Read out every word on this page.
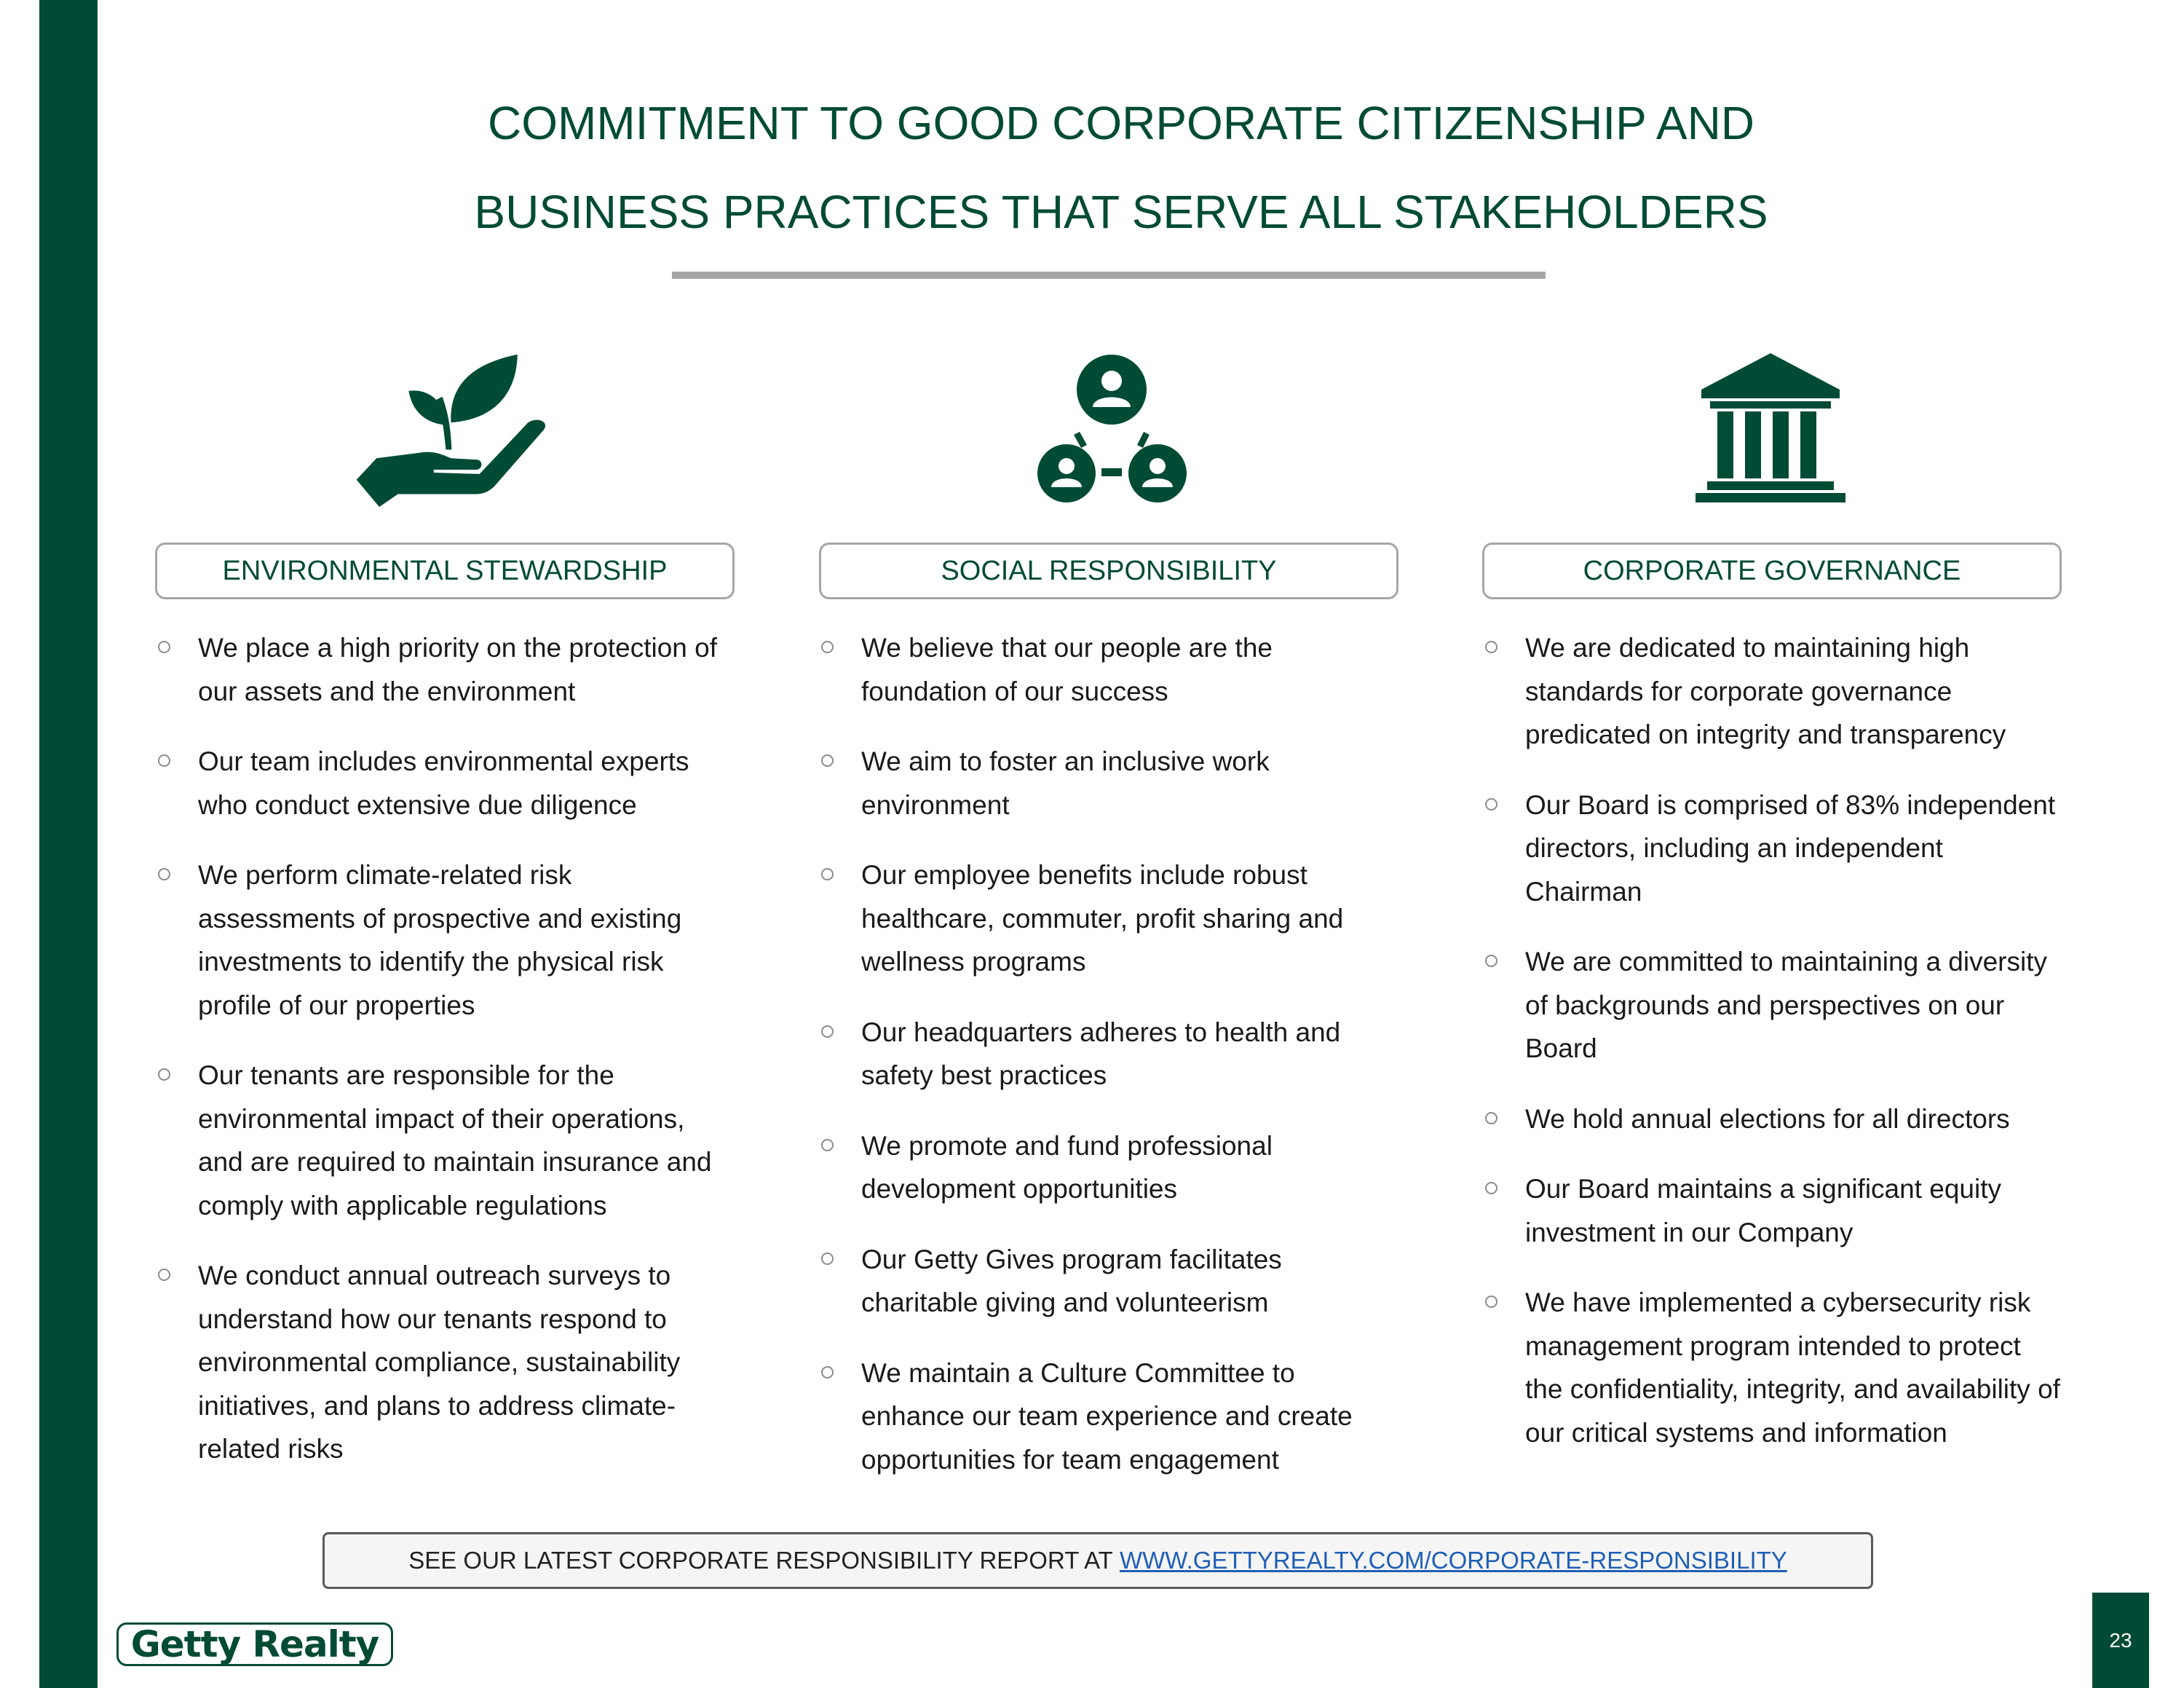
COMMITMENT TO GOOD CORPORATE CITIZENSHIP AND
BUSINESS PRACTICES THAT SERVE ALL STAKEHOLDERS
ENVIRONMENTAL STEWARDSHIP	SOCIAL RESPONSIBILITY	CORPORATE GOVERNANCE
We place a high priority on the protection of our assets and the environment
Our team includes environmental experts who conduct extensive due diligence
We perform climate-related risk assessments of prospective and existing investments to identify the physical risk profile of our properties
Our tenants are responsible for the environmental impact of their operations, and are required to maintain insurance and comply with applicable regulations
We conduct annual outreach surveys to understand how our tenants respond to environmental compliance, sustainability initiatives, and plans to address climate-related risks
We believe that our people are the foundation of our success
We aim to foster an inclusive work environment
Our employee benefits include robust healthcare, commuter, profit sharing and wellness programs
Our headquarters adheres to health and safety best practices
We promote and fund professional development opportunities
Our Getty Gives program facilitates charitable giving and volunteerism
We maintain a Culture Committee to enhance our team experience and create opportunities for team engagement
We are dedicated to maintaining high standards for corporate governance predicated on integrity and transparency
Our Board is comprised of 83% independent directors, including an independent Chairman
We are committed to maintaining a diversity of backgrounds and perspectives on our Board
We hold annual elections for all directors
Our Board maintains a significant equity investment in our Company
We have implemented a cybersecurity risk management program intended to protect the confidentiality, integrity, and availability of our critical systems and information
SEE OUR LATEST CORPORATE RESPONSIBILITY REPORT AT
WWW.GETTYREALTY.COM/CORPORATE-RESPONSIBILITY
Getty Realty	23
